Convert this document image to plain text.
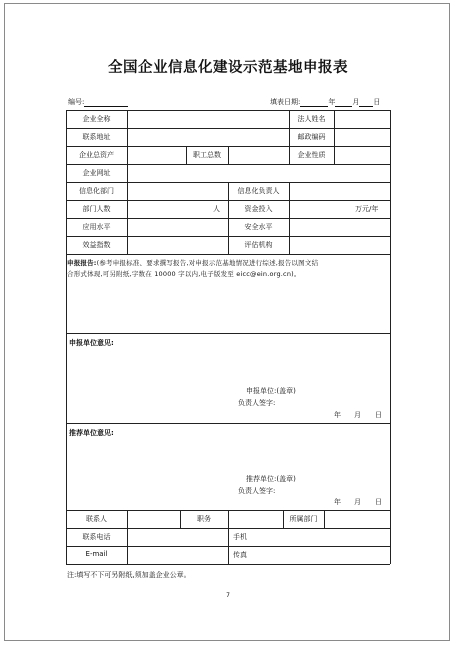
全国企业信息化建设示范基地申报表
编号:	填表日期:	年 月 日
企业全称	法人姓名
联系地址	邮政编码
企业总资产	职工总数	企业性质
企业网址
信息化部门	信息化负责人
部门人数	人	资金投入	万元/年
应用水平	安全水平
效益指数	评估机构
申报报告:(参考申报标准、要求撰写报告,对申报示范基地情况进行综述,报告以图文结
合形式体现,可另附纸,字数在 10000 字以内,电子版发至 eicc@ein.org.cn)。
申报单位意见:
申报单位:(盖章)
负责人签字:
年 月 日
推荐单位意见:
推荐单位:(盖章)
负责人签字:
年 月 日
联系人	职务	所属部门
联系电话	手机
E-mail	传真
注:填写不下可另附纸,须加盖企业公章。
7
